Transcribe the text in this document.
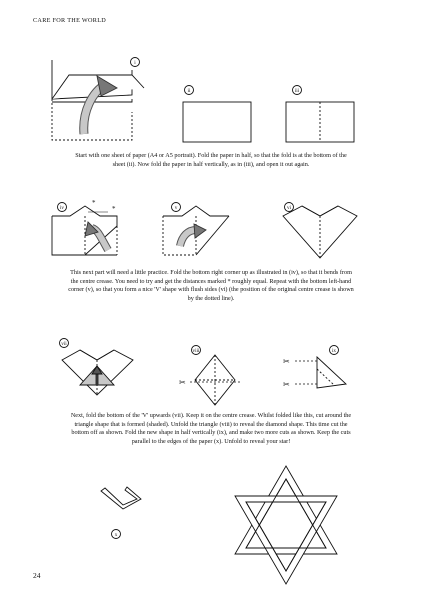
CARE FOR THE WORLD
i
ii	iii
*
*
iv	v	vi
vii
✂
viii
✂
✂
ix
x

Start with one sheet of paper (A4 or A5 portrait). Fold the paper in half, so that the fold is at the bottom of the
sheet (ii). Now fold the paper in half vertically, as in (iii), and open it out again.

This next part will need a little practice. Fold the bottom right corner up as illustrated in (iv), so that it bends from
the centre crease. You need to try and get the distances marked * roughly equal. Repeat with the bottom left-hand
corner (v), so that you form a nice 'V' shape with flush sides (vi) (the position of the original centre crease is shown
by the dotted line).

Next, fold the bottom of the 'V' upwards (vii). Keep it on the centre crease. Whilst folded like this, cut around the
triangle shape that is formed (shaded). Unfold the triangle (viii) to reveal the diamond shape. This time cut the
bottom off as shown. Fold the new shape in half vertically (ix), and make two more cuts as shown. Keep the cuts
parallel to the edges of the paper (x). Unfold to reveal your star!

24
